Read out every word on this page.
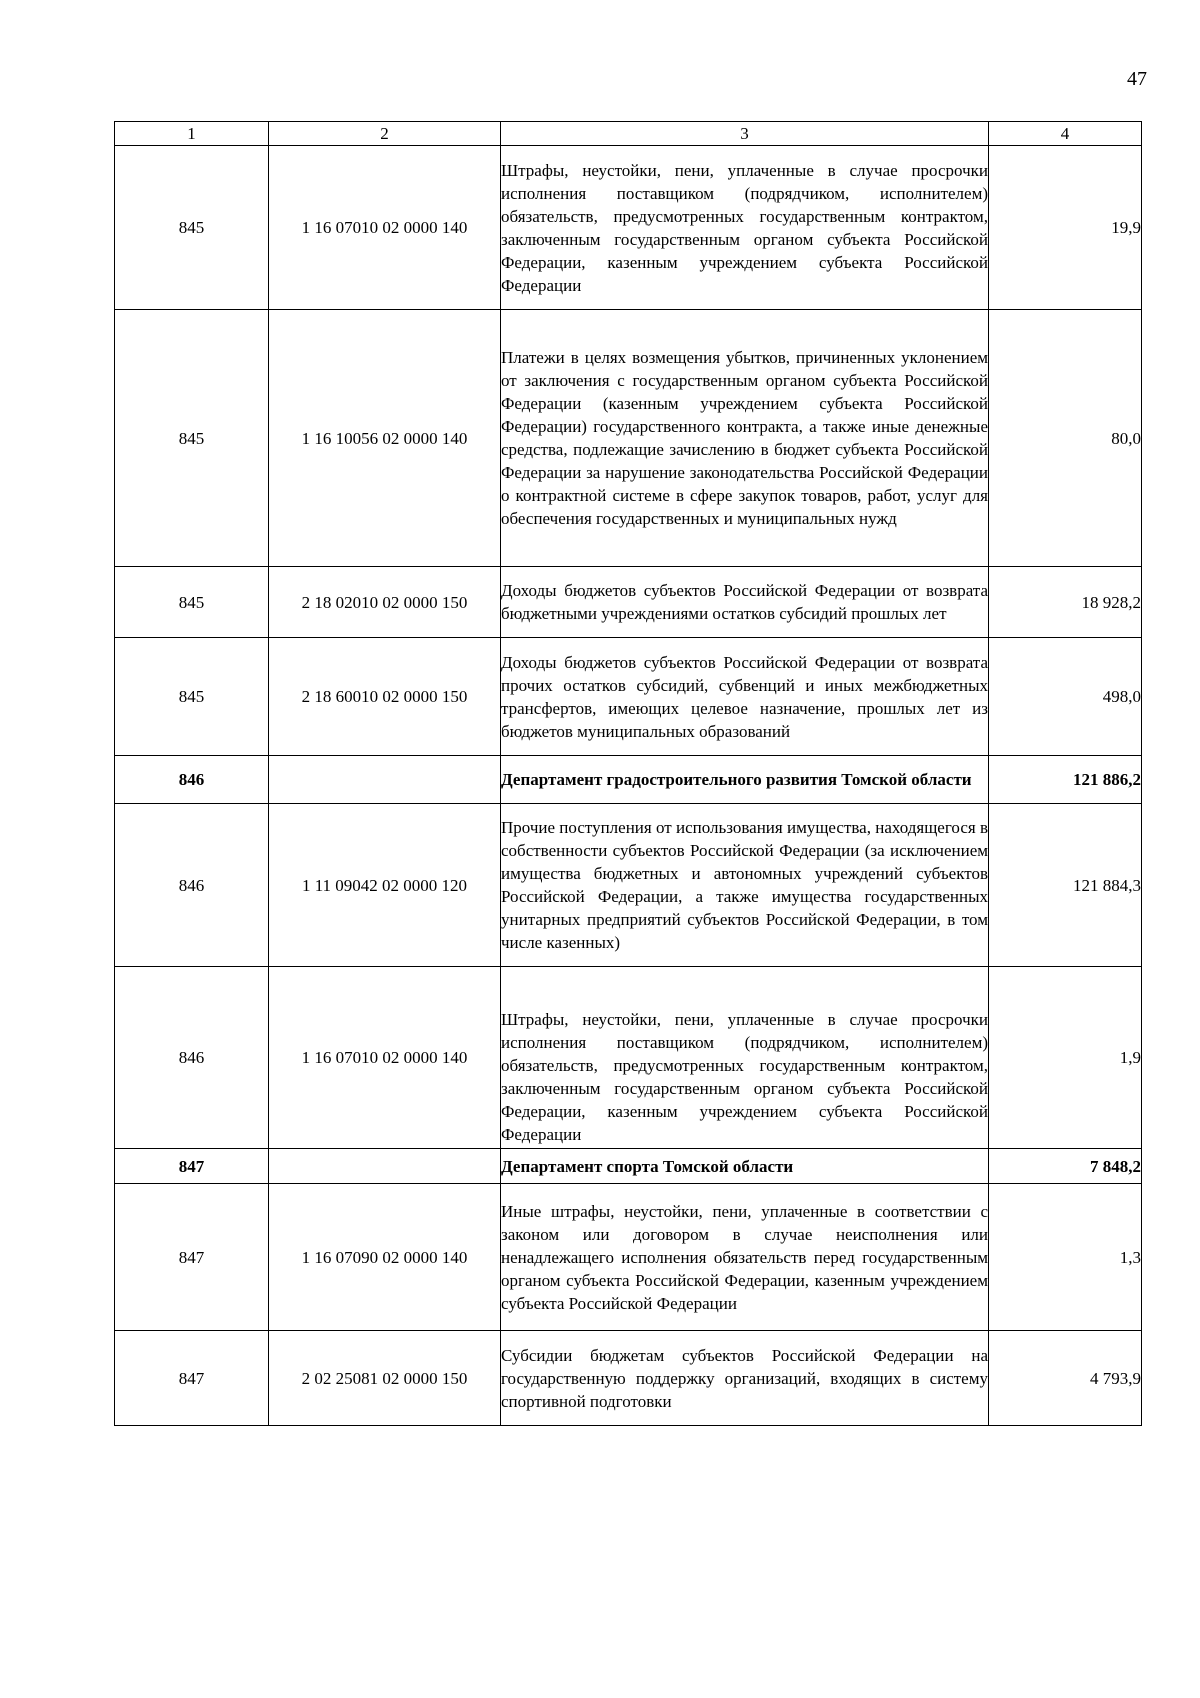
47
1	2	3	4
845	1 16 07010 02 0000 140	Штрафы, неустойки, пени, уплаченные в случае просрочки исполнения поставщиком (подрядчиком, исполнителем) обязательств, предусмотренных государственным контрактом, заключенным государственным органом субъекта Российской Федерации, казенным учреждением субъекта Российской Федерации	19,9
845	1 16 10056 02 0000 140	Платежи в целях возмещения убытков, причиненных уклонением от заключения с государственным органом субъекта Российской Федерации (казенным учреждением субъекта Российской Федерации) государственного контракта, а также иные денежные средства, подлежащие зачислению в бюджет субъекта Российской Федерации за нарушение законодательства Российской Федерации о контрактной системе в сфере закупок товаров, работ, услуг для обеспечения государственных и муниципальных нужд	80,0
845	2 18 02010 02 0000 150	Доходы бюджетов субъектов Российской Федерации от возврата бюджетными учреждениями остатков субсидий прошлых лет	18 928,2
845	2 18 60010 02 0000 150	Доходы бюджетов субъектов Российской Федерации от возврата прочих остатков субсидий, субвенций и иных межбюджетных трансфертов, имеющих целевое назначение, прошлых лет из бюджетов муниципальных образований	498,0
846		Департамент градостроительного развития Томской области	121 886,2
846	1 11 09042 02 0000 120	Прочие поступления от использования имущества, находящегося в собственности субъектов Российской Федерации (за исключением имущества бюджетных и автономных учреждений субъектов Российской Федерации, а также имущества государственных унитарных предприятий субъектов Российской Федерации, в том числе казенных)	121 884,3
846	1 16 07010 02 0000 140	Штрафы, неустойки, пени, уплаченные в случае просрочки исполнения поставщиком (подрядчиком, исполнителем) обязательств, предусмотренных государственным контрактом, заключенным государственным органом субъекта Российской Федерации, казенным учреждением субъекта Российской Федерации	1,9
847		Департамент спорта Томской области	7 848,2
847	1 16 07090 02 0000 140	Иные штрафы, неустойки, пени, уплаченные в соответствии с законом или договором в случае неисполнения или ненадлежащего исполнения обязательств перед государственным органом субъекта Российской Федерации, казенным учреждением субъекта Российской Федерации	1,3
847	2 02 25081 02 0000 150	Субсидии бюджетам субъектов Российской Федерации на государственную поддержку организаций, входящих в систему спортивной подготовки	4 793,9
